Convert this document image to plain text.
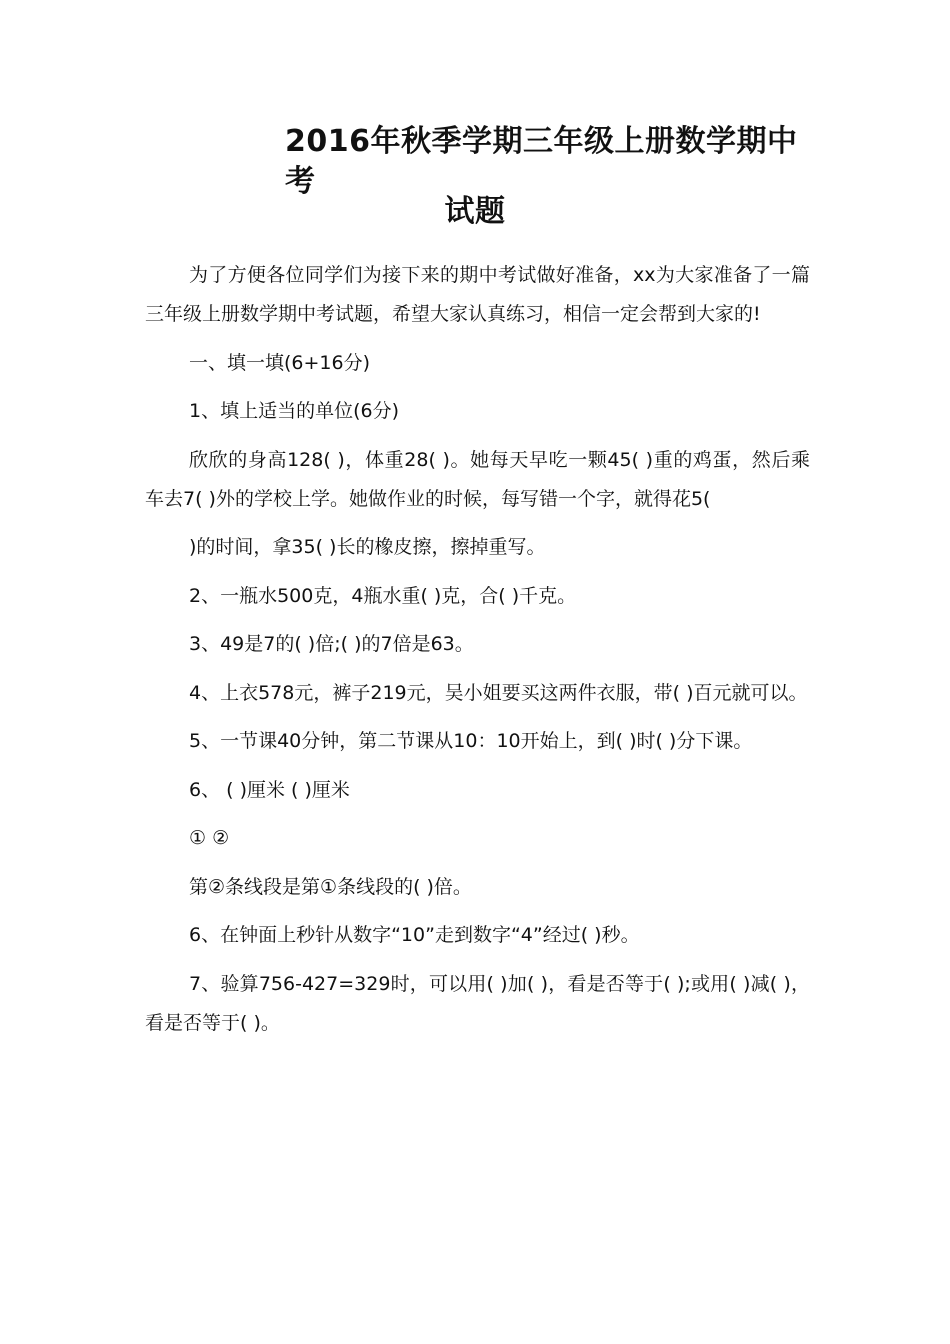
2016年秋季学期三年级上册数学期中考
试题

为了方便各位同学们为接下来的期中考试做好准备，xx为大家准备了一篇三年级上册数学期中考试题，希望大家认真练习，相信一定会帮到大家的!

一、填一填(6+16分)

1、填上适当的单位(6分)

欣欣的身高128( )，体重28( )。她每天早吃一颗45( )重的鸡蛋，然后乘车去7( )外的学校上学。她做作业的时候，每写错一个字，就得花5(

)的时间，拿35( )长的橡皮擦，擦掉重写。

2、一瓶水500克，4瓶水重( )克，合( )千克。

3、49是7的( )倍;( )的7倍是63。

4、上衣578元，裤子219元，吴小姐要买这两件衣服，带( )百元就可以。

5、一节课40分钟，第二节课从10：10开始上，到( )时( )分下课。

6、 ( )厘米 ( )厘米

① ②

第②条线段是第①条线段的( )倍。

6、在钟面上秒针从数字“10”走到数字“4”经过( )秒。

7、验算756-427=329时，可以用( )加( )，看是否等于( );或用( )减( )，看是否等于( )。
